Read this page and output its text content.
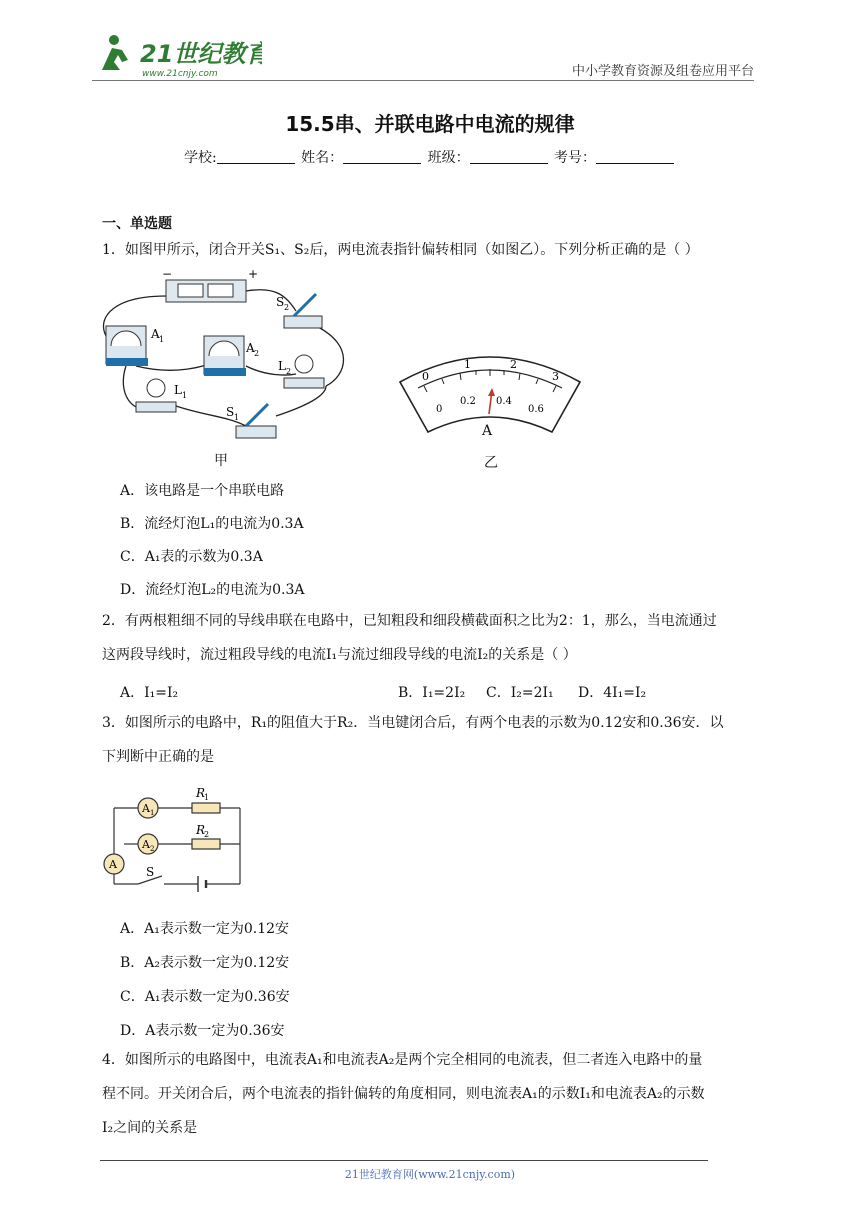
21世纪教育
www.21cnjy.com	中小学教育资源及组卷应用平台
15.5串、并联电路中电流的规律
学校:	姓名：	班级：	考号：
一、单选题
1．如图甲所示，闭合开关S₁、S₂后，两电流表指针偏转相同（如图乙）。下列分析正确的是（ ）
−	+
A 1
A 2
S 2
L 2
L 1
S 1
甲
0
1	2
3
0
0.2 0.4
0.6
A
乙
A．该电路是一个串联电路
B．流经灯泡L₁的电流为0.3A
C．A₁表的示数为0.3A
D．流经灯泡L₂的电流为0.3A
2．有两根粗细不同的导线串联在电路中，已知粗段和细段横截面积之比为2：1，那么，当电流通过
这两段导线时，流过粗段导线的电流I₁与流过细段导线的电流I₂的关系是（ ）
A．I₁=I₂	B．I₁=2I₂ C．I₂=2I₁ D．4I₁=I₂
3．如图所示的电路中，R₁的阻值大于R₂．当电键闭合后，有两个电表的示数为0.12安和0.36安．以
下判断中正确的是
A 1
A 2
A
R
1
R
2
S
A．A₁表示数一定为0.12安
B．A₂表示数一定为0.12安
C．A₁表示数一定为0.36安
D．A表示数一定为0.36安
4．如图所示的电路图中，电流表A₁和电流表A₂是两个完全相同的电流表，但二者连入电路中的量
程不同。开关闭合后，两个电流表的指针偏转的角度相同，则电流表A₁的示数I₁和电流表A₂的示数
I₂之间的关系是
21世纪教育网(www.21cnjy.com)
